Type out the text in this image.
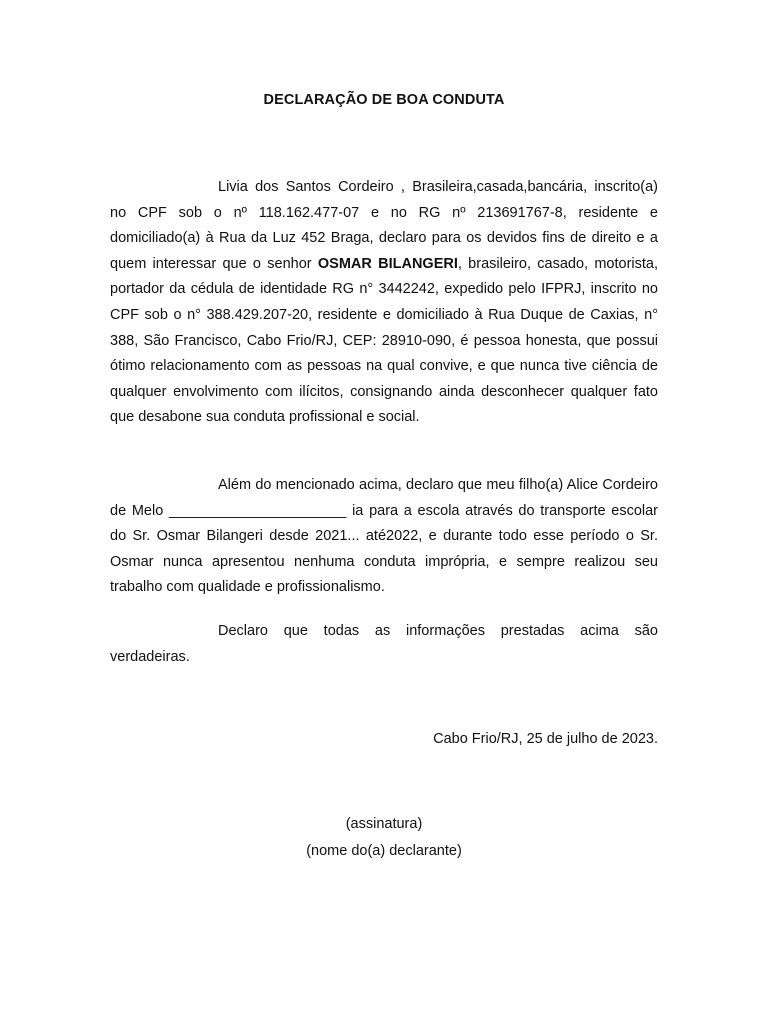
DECLARAÇÃO DE BOA CONDUTA

Livia dos Santos Cordeiro , Brasileira,casada,bancária, inscrito(a) no CPF sob o nº 118.162.477-07 e no RG nº 213691767-8, residente e domiciliado(a) à Rua da Luz 452 Braga, declaro para os devidos fins de direito e a quem interessar que o senhor OSMAR BILANGERI, brasileiro, casado, motorista, portador da cédula de identidade RG n° 3442242, expedido pelo IFPRJ, inscrito no CPF sob o n° 388.429.207-20, residente e domiciliado à Rua Duque de Caxias, n° 388, São Francisco, Cabo Frio/RJ, CEP: 28910-090, é pessoa honesta, que possui ótimo relacionamento com as pessoas na qual convive, e que nunca tive ciência de qualquer envolvimento com ilícitos, consignando ainda desconhecer qualquer fato que desabone sua conduta profissional e social.

Além do mencionado acima, declaro que meu filho(a) Alice Cordeiro de Melo ______________________ ia para a escola através do transporte escolar do Sr. Osmar Bilangeri desde 2021... até2022, e durante todo esse período o Sr. Osmar nunca apresentou nenhuma conduta imprópria, e sempre realizou seu trabalho com qualidade e profissionalismo.

Declaro que todas as informações prestadas acima são verdadeiras.

Cabo Frio/RJ, 25 de julho de 2023.
(assinatura)
(nome do(a) declarante)
